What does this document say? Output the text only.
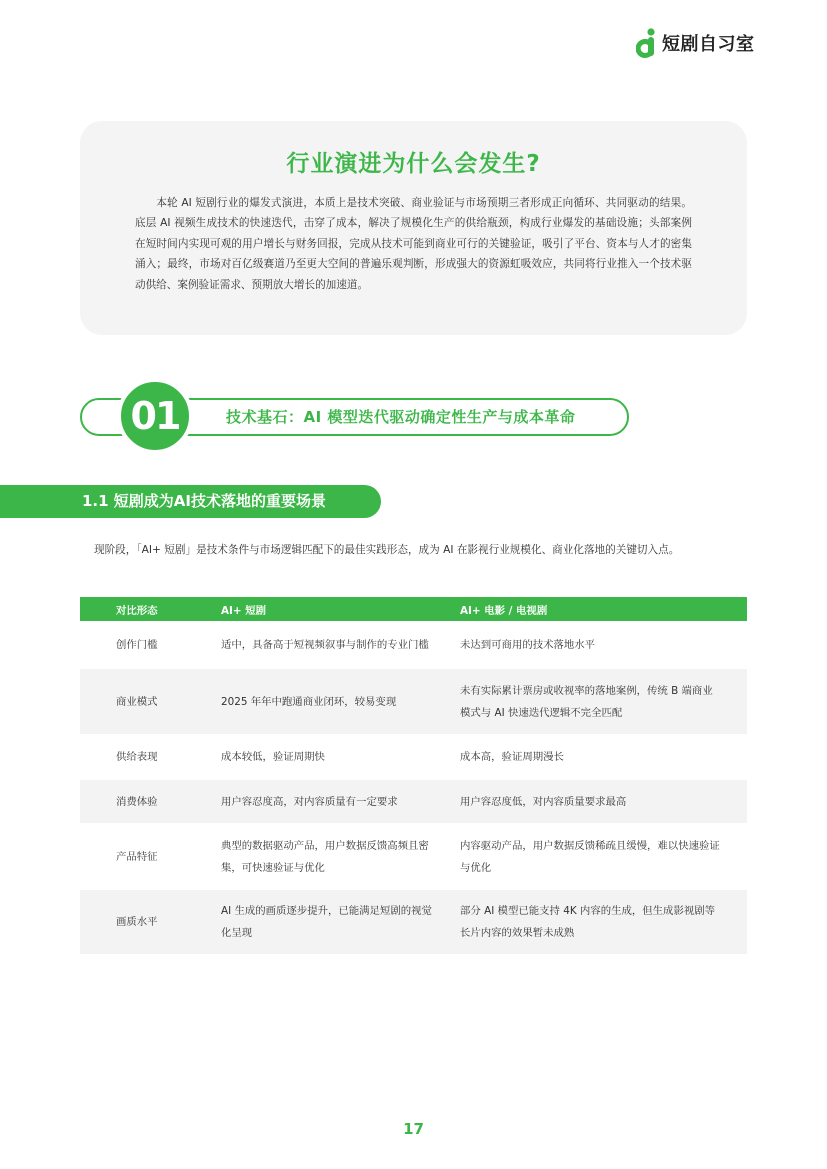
短剧自习室
行业演进为什么会发生?
本轮 AI 短剧行业的爆发式演进，本质上是技术突破、商业验证与市场预期三者形成正向循环、共同驱动的结果。底层 AI 视频生成技术的快速迭代，击穿了成本，解决了规模化生产的供给瓶颈，构成行业爆发的基础设施；头部案例在短时间内实现可观的用户增长与财务回报，完成从技术可能到商业可行的关键验证，吸引了平台、资本与人才的密集涌入；最终，市场对百亿级赛道乃至更大空间的普遍乐观判断，形成强大的资源虹吸效应，共同将行业推入一个技术驱动供给、案例验证需求、预期放大增长的加速道。
01	技术基石：AI 模型迭代驱动确定性生产与成本革命
1.1 短剧成为AI技术落地的重要场景
现阶段，「AI+ 短剧」是技术条件与市场逻辑匹配下的最佳实践形态，成为 AI 在影视行业规模化、商业化落地的关键切入点。
对比形态	AI+ 短剧	AI+ 电影 / 电视剧
创作门槛	适中，具备高于短视频叙事与制作的专业门槛	未达到可商用的技术落地水平
商业模式	2025 年年中跑通商业闭环，较易变现	未有实际累计票房或收视率的落地案例，传统 B 端商业模式与 AI 快速迭代逻辑不完全匹配
供给表现	成本较低，验证周期快	成本高，验证周期漫长
消费体验	用户容忍度高，对内容质量有一定要求	用户容忍度低，对内容质量要求最高
产品特征	典型的数据驱动产品，用户数据反馈高频且密集，可快速验证与优化	内容驱动产品，用户数据反馈稀疏且缓慢，难以快速验证与优化
画质水平	AI 生成的画质逐步提升，已能满足短剧的视觉化呈现	部分 AI 模型已能支持 4K 内容的生成，但生成影视剧等长片内容的效果暂未成熟
17
